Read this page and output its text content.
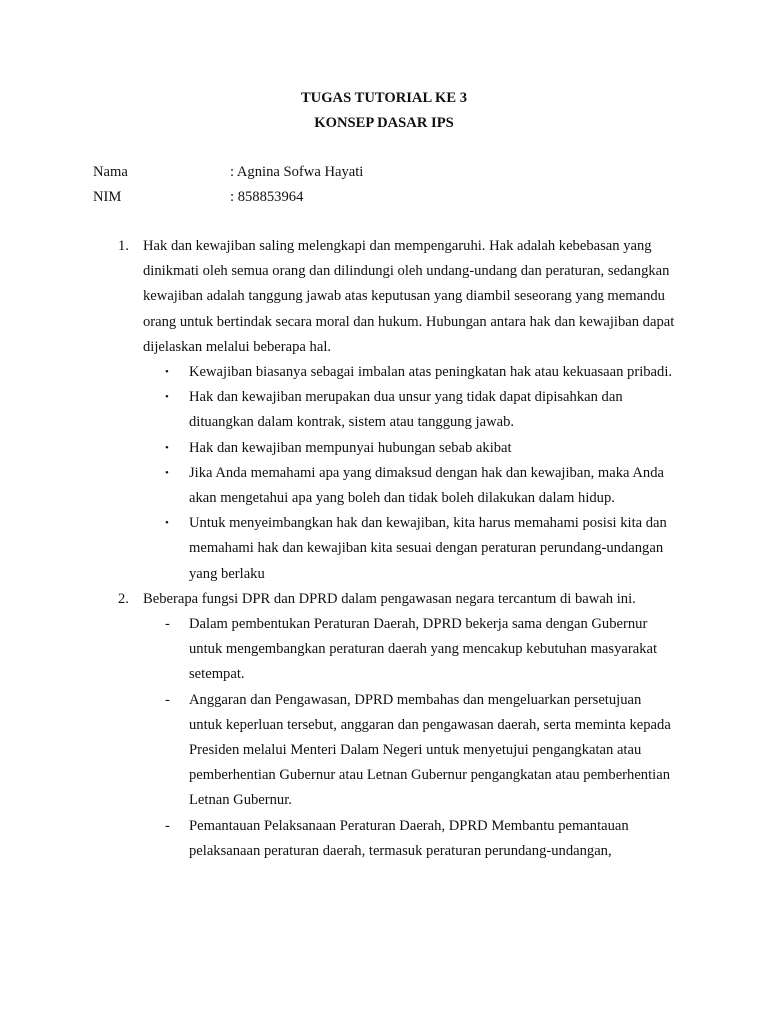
TUGAS TUTORIAL KE 3
KONSEP DASAR IPS
Nama	: Agnina Sofwa Hayati
NIM	: 858853964
1. Hak dan kewajiban saling melengkapi dan mempengaruhi. Hak adalah kebebasan yang dinikmati oleh semua orang dan dilindungi oleh undang-undang dan peraturan, sedangkan kewajiban adalah tanggung jawab atas keputusan yang diambil seseorang yang memandu orang untuk bertindak secara moral dan hukum. Hubungan antara hak dan kewajiban dapat dijelaskan melalui beberapa hal.
• Kewajiban biasanya sebagai imbalan atas peningkatan hak atau kekuasaan pribadi.
• Hak dan kewajiban merupakan dua unsur yang tidak dapat dipisahkan dan dituangkan dalam kontrak, sistem atau tanggung jawab.
• Hak dan kewajiban mempunyai hubungan sebab akibat
• Jika Anda memahami apa yang dimaksud dengan hak dan kewajiban, maka Anda akan mengetahui apa yang boleh dan tidak boleh dilakukan dalam hidup.
• Untuk menyeimbangkan hak dan kewajiban, kita harus memahami posisi kita dan memahami hak dan kewajiban kita sesuai dengan peraturan perundang-undangan yang berlaku
2. Beberapa fungsi DPR dan DPRD dalam pengawasan negara tercantum di bawah ini.
- Dalam pembentukan Peraturan Daerah, DPRD bekerja sama dengan Gubernur untuk mengembangkan peraturan daerah yang mencakup kebutuhan masyarakat setempat.
- Anggaran dan Pengawasan, DPRD membahas dan mengeluarkan persetujuan untuk keperluan tersebut, anggaran dan pengawasan daerah, serta meminta kepada Presiden melalui Menteri Dalam Negeri untuk menyetujui pengangkatan atau pemberhentian Gubernur atau Letnan Gubernur pengangkatan atau pemberhentian Letnan Gubernur.
- Pemantauan Pelaksanaan Peraturan Daerah, DPRD Membantu pemantauan pelaksanaan peraturan daerah, termasuk peraturan perundang-undangan,
